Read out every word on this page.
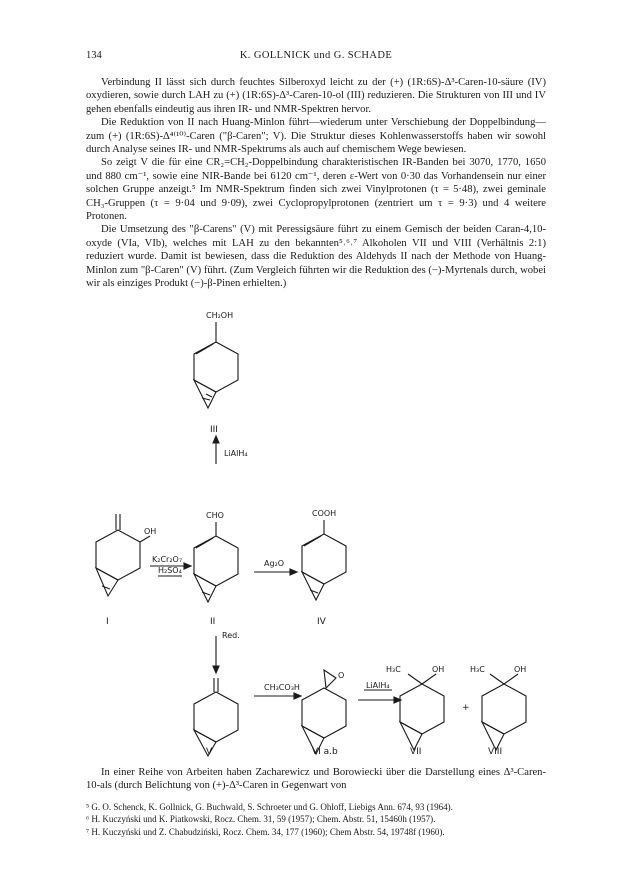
134	K. GOLLNICK und G. SCHADE

Verbindung II lässt sich durch feuchtes Silberoxyd leicht zu der (+) (1R:6S)-Δ³-Caren-10-säure (IV) oxydieren, sowie durch LAH zu (+) (1R:6S)-Δ³-Caren-10-ol (III) reduzieren. Die Strukturen von III und IV gehen ebenfalls eindeutig aus ihren IR- und NMR-Spektren hervor.

Die Reduktion von II nach Huang-Minlon führt—wiederum unter Verschiebung der Doppelbindung—zum (+) (1R:6S)-Δ⁴⁽¹⁰⁾-Caren ("β-Caren"; V). Die Struktur dieses Kohlenwasserstoffs haben wir sowohl durch Analyse seines IR- und NMR-Spektrums als auch auf chemischem Wege bewiesen.

So zeigt V die für eine CR₂=CH₂-Doppelbindung charakteristischen IR-Banden bei 3070, 1770, 1650 und 880 cm⁻¹, sowie eine NIR-Bande bei 6120 cm⁻¹, deren ε-Wert von 0·30 das Vorhandensein nur einer solchen Gruppe anzeigt.⁵ Im NMR-Spektrum finden sich zwei Vinylprotonen (τ = 5·48), zwei geminale CH₃-Gruppen (τ = 9·04 und 9·09), zwei Cyclopropylprotonen (zentriert um τ = 9·3) und 4 weitere Protonen.

Die Umsetzung des "β-Carens" (V) mit Peressigsäure führt zu einem Gemisch der beiden Caran-4,10-oxyde (VIa, VIb), welches mit LAH zu den bekannten⁵˒⁶˒⁷ Alkoholen VII und VIII (Verhältnis 2:1) reduziert wurde. Damit ist bewiesen, dass die Reduktion des Aldehyds II nach der Methode von Huang-Minlon zum "β-Caren" (V) führt. (Zum Vergleich führten wir die Reduktion des (−)-Myrtenals durch, wobei wir als einziges Produkt (−)-β-Pinen erhielten.)

CH₂OH
III
LiAlH₄
CHO	COOH
OH
K₂Cr₂O₇
H₂SO₄
Ag₂O
I	II	IV
Red.
CH₃CO₃H
O
LiAlH₄
H₃C	OH
+
H₃C	OH
V	VI a.b	VII	VIII

In einer Reihe von Arbeiten haben Zacharewicz und Borowiecki über die Darstellung eines Δ³-Caren-10-als (durch Belichtung von (+)-Δ³-Caren in Gegenwart von

⁵ G. O. Schenck, K. Gollnick, G. Buchwald, S. Schroeter und G. Ohloff, Liebigs Ann. 674, 93 (1964).
⁶ H. Kuczyński und K. Piatkowski, Rocz. Chem. 31, 59 (1957); Chem. Abstr. 51, 15460h (1957).
⁷ H. Kuczyński und Z. Chabudziński, Rocz. Chem. 34, 177 (1960); Chem Abstr. 54, 19748f (1960).
